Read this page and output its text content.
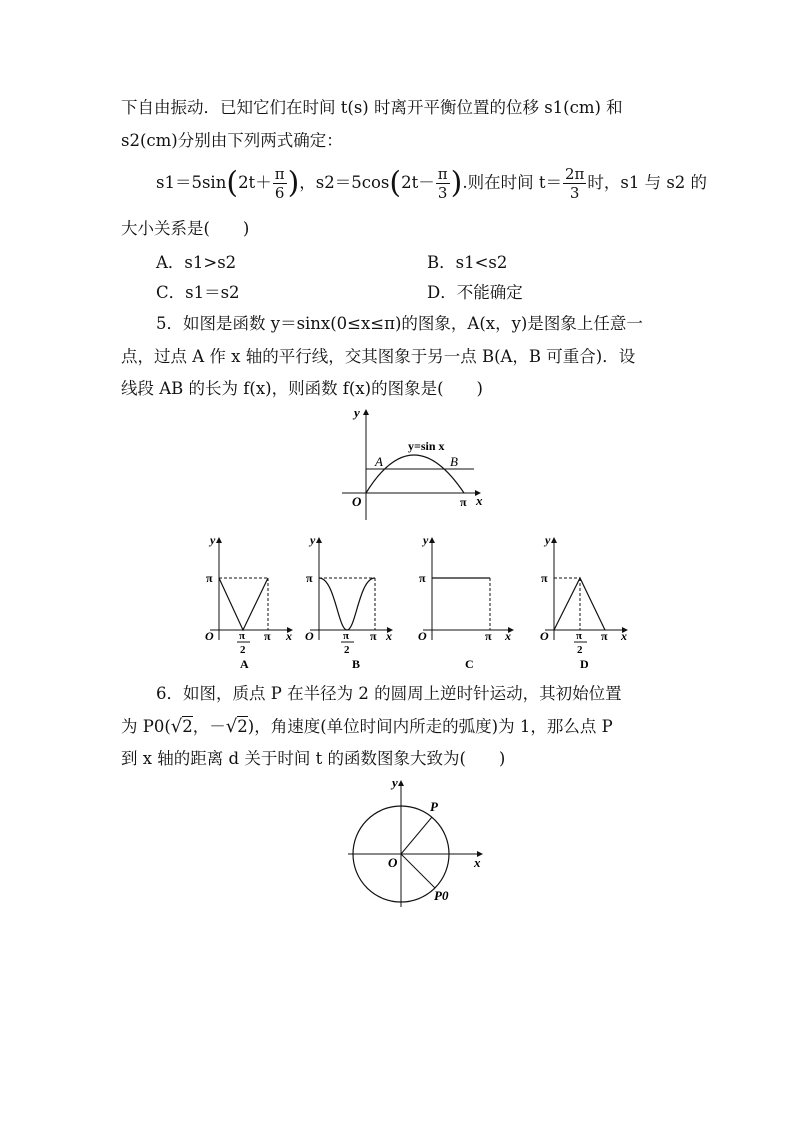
下自由振动．已知它们在时间 t(s) 时离开平衡位置的位移 s1(cm) 和
s2(cm)分别由下列两式确定：
$s1=5\sin(2t+ \frac{\pi}{6}$ )，$s2=5\cos(2t- \frac{\pi}{3}$ ).则在时间 $t= \frac{2\pi}{3}$ 时，s1 与 s2 的
大小关系是(　　)
A．s1>s2	B．s1<s2
C．s1＝s2	D．不能确定
5．如图是函数 y＝sinx(0≤x≤π)的图象，A(x，y)是图象上任意一
点，过点 A 作 x 轴的平行线，交其图象于另一点 B(A，B 可重合)．设
线段 AB 的长为 f(x)，则函数 f(x)的图象是(　　)
y
x
O	π
y=sin x
A	B
y
x
O
π
π
π
2
A
y
x
O
π
π
π
2
B
y
x
O
π
π
C
y
x
O
π
π
π
2
D
6．如图，质点 P 在半径为 2 的圆周上逆时针运动，其初始位置
为 P0(√2，－√2)，角速度(单位时间内所走的弧度)为 1，那么点 P
到 x 轴的距离 d 关于时间 t 的函数图象大致为(　　)
y
x
O
P
P0
